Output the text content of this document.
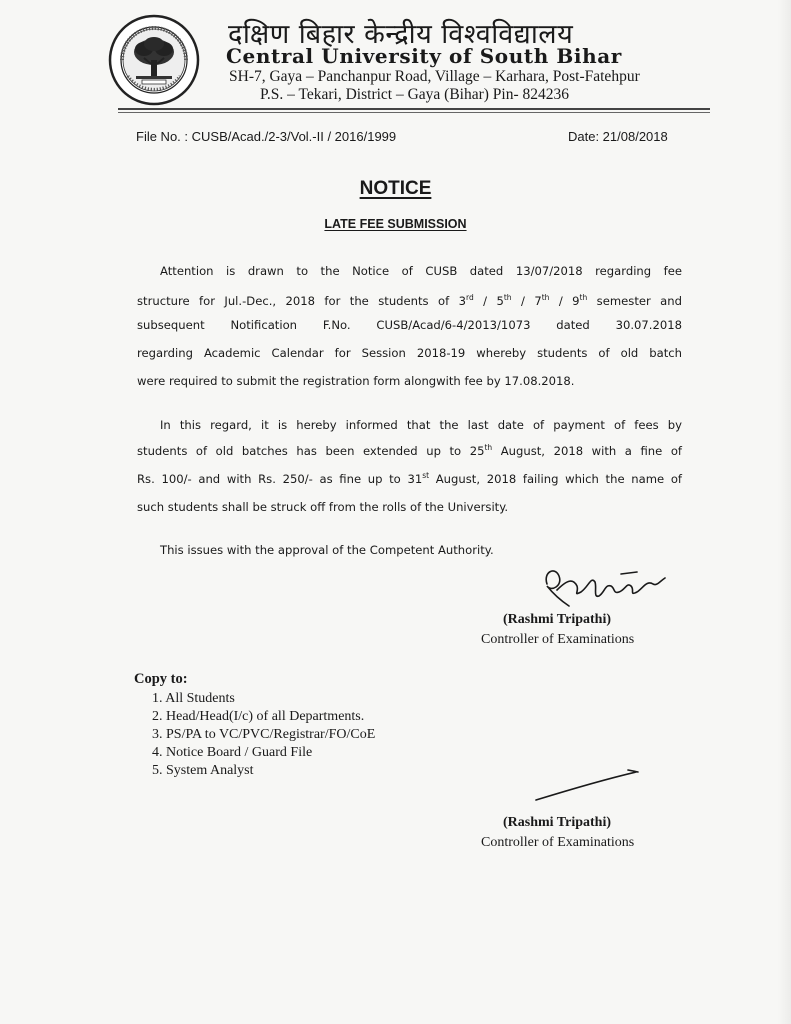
दक्षिण बिहार केन्द्रीय विश्वविद्यालय
Central University of South Bihar
SH-7, Gaya – Panchanpur Road, Village – Karhara, Post-Fatehpur
P.S. – Tekari, District – Gaya (Bihar) Pin- 824236
File No. : CUSB/Acad./2-3/Vol.-II / 2016/1999	Date: 21/08/2018
NOTICE
LATE FEE SUBMISSION
Attention is drawn to the Notice of CUSB dated 13/07/2018 regarding fee
structure for Jul.-Dec., 2018 for the students of 3rd / 5th / 7th / 9th semester and
subsequent Notification F.No. CUSB/Acad/6-4/2013/1073 dated 30.07.2018
regarding Academic Calendar for Session 2018-19 whereby students of old batch
were required to submit the registration form alongwith fee by 17.08.2018.
In this regard, it is hereby informed that the last date of payment of fees by
students of old batches has been extended up to 25th August, 2018 with a fine of
Rs. 100/- and with Rs. 250/- as fine up to 31st August, 2018 failing which the name of
such students shall be struck off from the rolls of the University.
This issues with the approval of the Competent Authority.
(Rashmi Tripathi)
Controller of Examinations
Copy to:
1. All Students
2. Head/Head(I/c) of all Departments.
3. PS/PA to VC/PVC/Registrar/FO/CoE
4. Notice Board / Guard File
5. System Analyst
(Rashmi Tripathi)
Controller of Examinations
